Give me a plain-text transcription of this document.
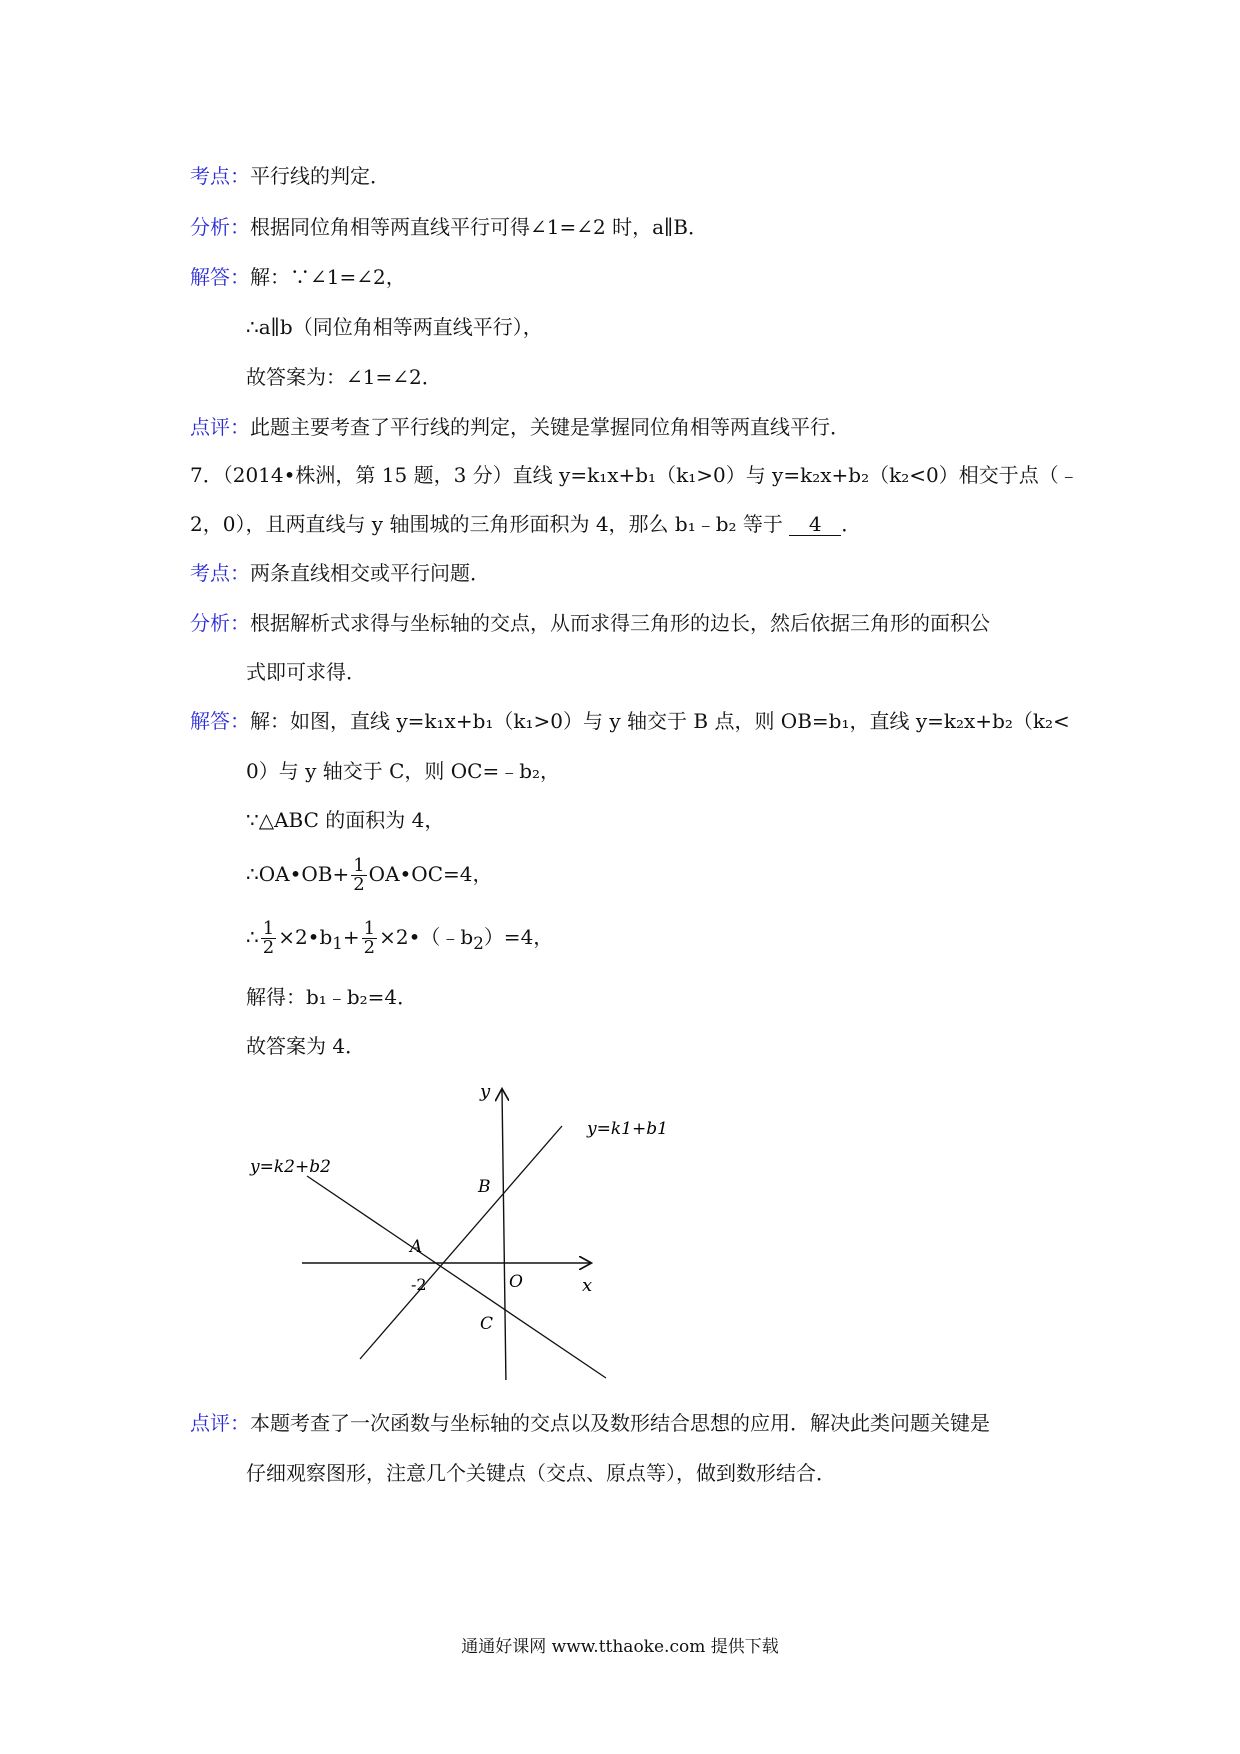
考点：平行线的判定．
分析：根据同位角相等两直线平行可得∠1=∠2 时，a∥B．
解答：解：∵∠1=∠2，
∴a∥b（同位角相等两直线平行），
故答案为：∠1=∠2．
点评：此题主要考查了平行线的判定，关键是掌握同位角相等两直线平行．
7．（2014•株洲，第 15 题，3 分）直线 y=k₁x+b₁（k₁>0）与 y=k₂x+b₂（k₂<0）相交于点（﹣
2，0），且两直线与 y 轴围城的三角形面积为 4，那么 b₁﹣b₂ 等于 4 ．
考点：两条直线相交或平行问题．
分析：根据解析式求得与坐标轴的交点，从而求得三角形的边长，然后依据三角形的面积公
式即可求得．
解答：解：如图，直线 y=k₁x+b₁（k₁>0）与 y 轴交于 B 点，则 OB=b₁，直线 y=k₂x+b₂（k₂<
0）与 y 轴交于 C，则 OC=﹣b₂，
∵△ABC 的面积为 4，
∴OA•OB+ $\frac{1}{2}$ OA•OC=4，
∴ $\frac{1}{2}$ $\times 2•b_1+ \frac{1}{2}$ $\times 2•(﹣b_2)=4$，
解得：b₁﹣b₂=4．
故答案为 4．
y
x
y=k1+b1
y=k2+b2
A
B
C
O
-2
点评：本题考查了一次函数与坐标轴的交点以及数形结合思想的应用．解决此类问题关键是
仔细观察图形，注意几个关键点（交点、原点等），做到数形结合．
通通好课网 www.tthaoke.com 提供下载
